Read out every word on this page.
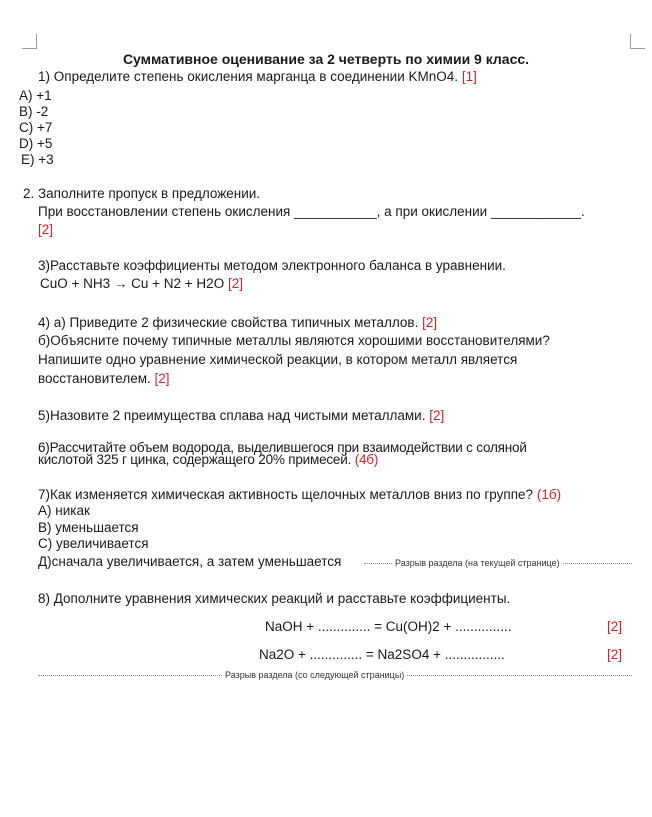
Суммативное оценивание за 2 четверть по химии 9 класс.
1) Определите степень окисления марганца в соединении KMnO4. [1]
A) +1
B) -2
C) +7
D) +5
E) +3
2. Заполните пропуск в предложении.
При восстановлении степень окисления ___________, а при окислении ____________.
[2]
3)Расставьте коэффициенты методом электронного баланса в уравнении.
CuO + NH3 → Cu + N2 + H2O [2]
4) а) Приведите 2 физические свойства типичных металлов. [2]
б)Объясните почему типичные металлы являются хорошими восстановителями?
Напишите одно уравнение химической реакции, в котором металл является
восстановителем. [2]
5)Назовите 2 преимущества сплава над чистыми металлами. [2]
6)Рассчитайте объем водорода, выделившегося при взаимодействии с соляной
кислотой 325 г цинка, содержащего 20% примесей. (4б)
7)Как изменяется химическая активность щелочных металлов вниз по группе? (1б)
A) никак
B) уменьшается
C) увеличивается
Д)сначала увеличивается, а затем уменьшается	Разрыв раздела (на текущей странице)
8) Дополните уравнения химических реакций и расставьте коэффициенты.
NaOH + .............. = Cu(OH)2 + ...............	[2]
Na2O + .............. = Na2SO4 + ................	[2]
Разрыв раздела (со следующей страницы)
